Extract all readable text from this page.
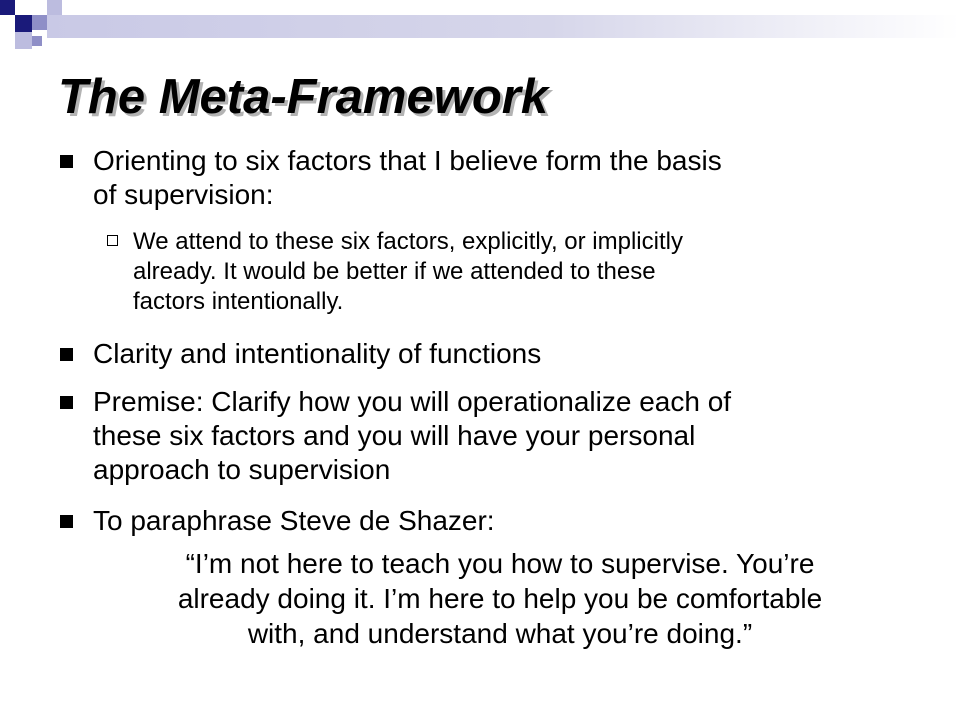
The Meta-Framework
Orienting to six factors that I believe form the basis
of supervision:
We attend to these six factors, explicitly, or implicitly
already. It would be better if we attended to these
factors intentionally.
Clarity and intentionality of functions
Premise: Clarify how you will operationalize each of
these six factors and you will have your personal
approach to supervision
To paraphrase Steve de Shazer:
“I’m not here to teach you how to supervise. You’re
already doing it. I’m here to help you be comfortable
with, and understand what you’re doing.”
